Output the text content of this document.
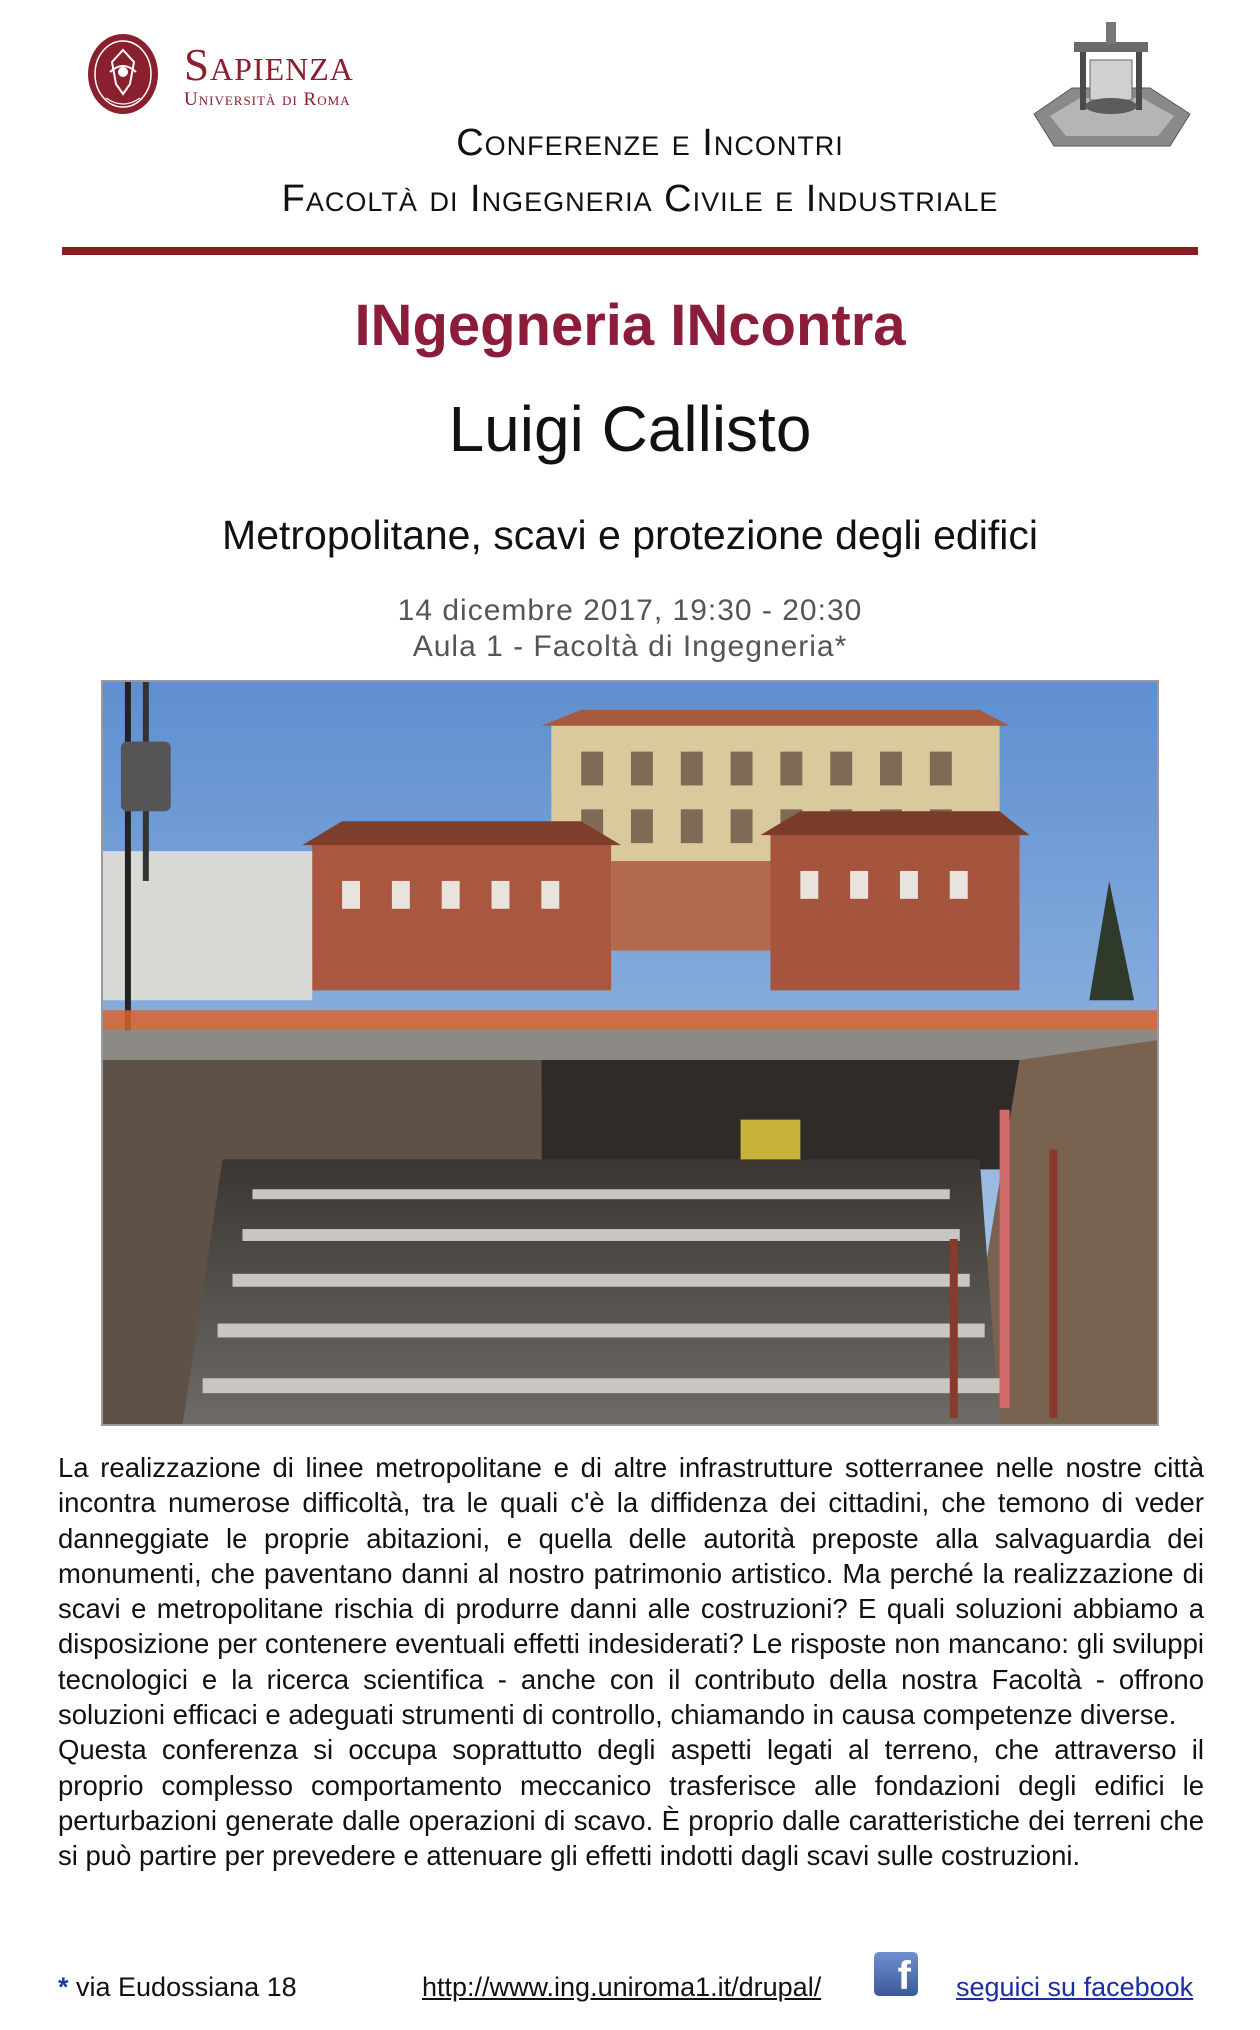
Sapienza
Università di Roma
Conferenze e Incontri
Facoltà di Ingegneria Civile e Industriale
INgegneria INcontra
Luigi Callisto
Metropolitane, scavi e protezione degli edifici
14 dicembre 2017, 19:30 - 20:30
Aula 1 - Facoltà di Ingegneria*

La realizzazione di linee metropolitane e di altre infrastrutture sotterranee nelle nostre città incontra numerose difficoltà, tra le quali c'è la diffidenza dei cittadini, che temono di veder danneggiate le proprie abitazioni, e quella delle autorità preposte alla salvaguardia dei monumenti, che paventano danni al nostro patrimonio artistico. Ma perché la realizzazione di scavi e metropolitane rischia di produrre danni alle costruzioni? E quali soluzioni abbiamo a disposizione per contenere eventuali effetti indesiderati? Le risposte non mancano: gli sviluppi tecnologici e la ricerca scientifica - anche con il contributo della nostra Facoltà - offrono soluzioni efficaci e adeguati strumenti di controllo, chiamando in causa competenze diverse.

Questa conferenza si occupa soprattutto degli aspetti legati al terreno, che attraverso il proprio complesso comportamento meccanico trasferisce alle fondazioni degli edifici le perturbazioni generate dalle operazioni di scavo. È proprio dalle caratteristiche dei terreni che si può partire per prevedere e attenuare gli effetti indotti dagli scavi sulle costruzioni.

* via Eudossiana 18	http://www.ing.uniroma1.it/drupal/ f seguici su facebook
